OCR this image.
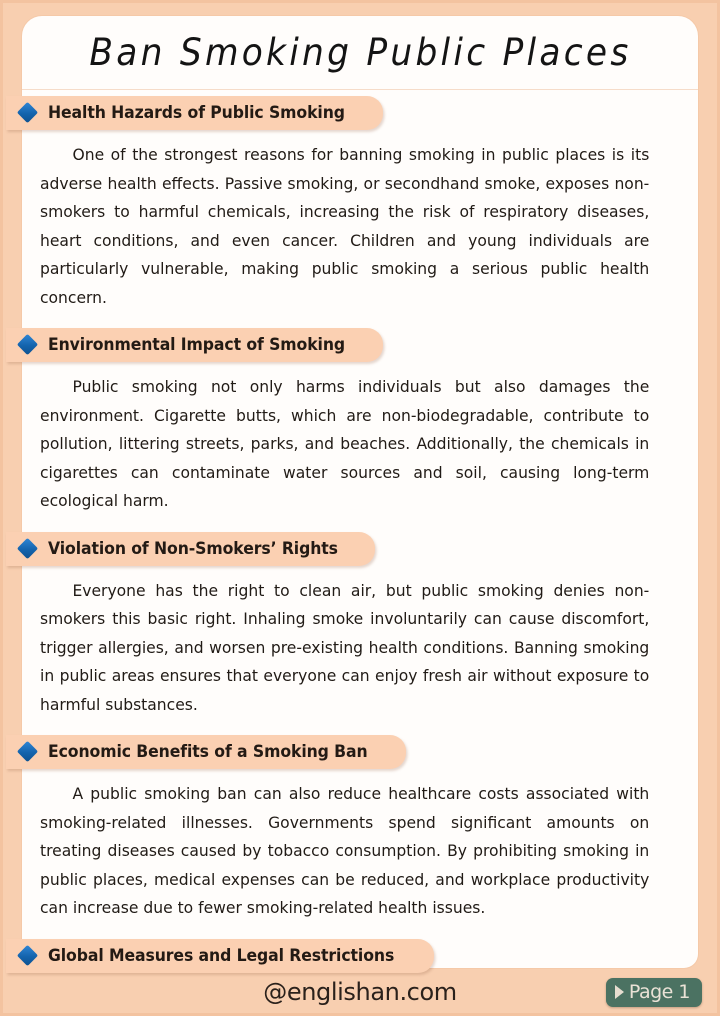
Ban Smoking Public Places
Health Hazards of Public Smoking

One of the strongest reasons for banning smoking in public places is its adverse health effects. Passive smoking, or secondhand smoke, exposes non-smokers to harmful chemicals, increasing the risk of respiratory diseases, heart conditions, and even cancer. Children and young individuals are particularly vulnerable, making public smoking a serious public health concern.

Environmental Impact of Smoking

Public smoking not only harms individuals but also damages the environment. Cigarette butts, which are non-biodegradable, contribute to pollution, littering streets, parks, and beaches. Additionally, the chemicals in cigarettes can contaminate water sources and soil, causing long-term ecological harm.

Violation of Non-Smokers’ Rights

Everyone has the right to clean air, but public smoking denies non-smokers this basic right. Inhaling smoke involuntarily can cause discomfort, trigger allergies, and worsen pre-existing health conditions. Banning smoking in public areas ensures that everyone can enjoy fresh air without exposure to harmful substances.

Economic Benefits of a Smoking Ban

A public smoking ban can also reduce healthcare costs associated with smoking-related illnesses. Governments spend significant amounts on treating diseases caused by tobacco consumption. By prohibiting smoking in public places, medical expenses can be reduced, and workplace productivity can increase due to fewer smoking-related health issues.

Global Measures and Legal Restrictions
@englishan.com	Page 1
